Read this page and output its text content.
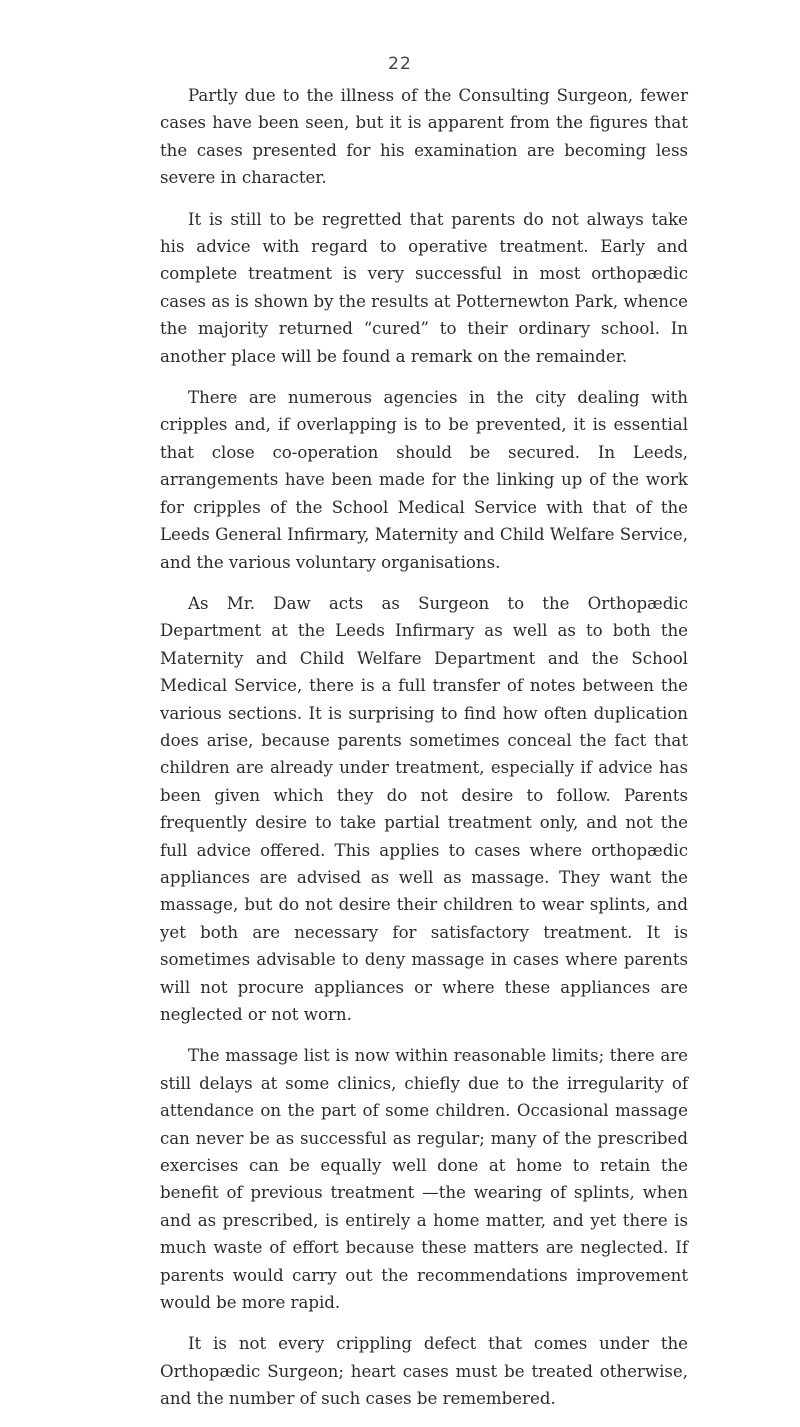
22

Partly due to the illness of the Consulting Surgeon, fewer cases have been seen, but it is apparent from the figures that the cases presented for his examination are becoming less severe in character.

It is still to be regretted that parents do not always take his advice with regard to operative treatment. Early and complete treatment is very successful in most orthopædic cases as is shown by the results at Potternewton Park, whence the majority returned “cured” to their ordinary school. In another place will be found a remark on the remainder.

There are numerous agencies in the city dealing with cripples and, if overlapping is to be prevented, it is essential that close co-operation should be secured. In Leeds, arrangements have been made for the linking up of the work for cripples of the School Medical Service with that of the Leeds General Infirmary, Maternity and Child Welfare Service, and the various voluntary organisations.

As Mr. Daw acts as Surgeon to the Orthopædic Department at the Leeds Infirmary as well as to both the Maternity and Child Welfare Department and the School Medical Service, there is a full transfer of notes between the various sections. It is surprising to find how often duplication does arise, because parents sometimes conceal the fact that children are already under treatment, especially if advice has been given which they do not desire to follow. Parents frequently desire to take partial treatment only, and not the full advice offered. This applies to cases where orthopædic appliances are advised as well as massage. They want the massage, but do not desire their children to wear splints, and yet both are necessary for satisfactory treatment. It is sometimes advisable to deny massage in cases where parents will not procure appliances or where these appliances are neglected or not worn.

The massage list is now within reasonable limits; there are still delays at some clinics, chiefly due to the irregularity of attendance on the part of some children. Occasional massage can never be as successful as regular; many of the prescribed exercises can be equally well done at home to retain the benefit of previous treatment —the wearing of splints, when and as prescribed, is entirely a home matter, and yet there is much waste of effort because these matters are neglected. If parents would carry out the recommendations improvement would be more rapid.

It is not every crippling defect that comes under the Orthopædic Surgeon; heart cases must be treated otherwise, and the number of such cases be remembered.
